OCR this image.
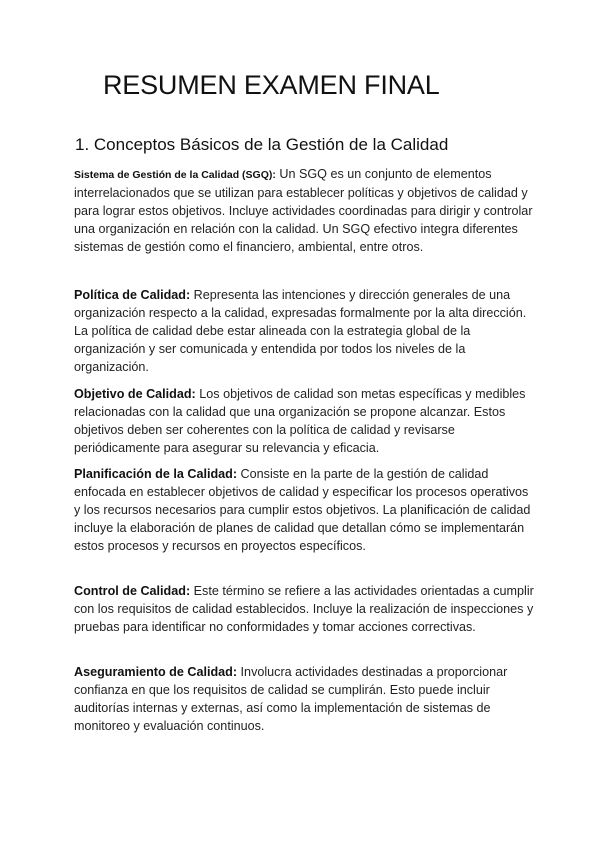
RESUMEN EXAMEN FINAL
1. Conceptos Básicos de la Gestión de la Calidad

Sistema de Gestión de la Calidad (SGQ): Un SGQ es un conjunto de elementos interrelacionados que se utilizan para establecer políticas y objetivos de calidad y para lograr estos objetivos. Incluye actividades coordinadas para dirigir y controlar una organización en relación con la calidad. Un SGQ efectivo integra diferentes sistemas de gestión como el financiero, ambiental, entre otros.

Política de Calidad: Representa las intenciones y dirección generales de una organización respecto a la calidad, expresadas formalmente por la alta dirección. La política de calidad debe estar alineada con la estrategia global de la organización y ser comunicada y entendida por todos los niveles de la organización.

Objetivo de Calidad: Los objetivos de calidad son metas específicas y medibles relacionadas con la calidad que una organización se propone alcanzar. Estos objetivos deben ser coherentes con la política de calidad y revisarse periódicamente para asegurar su relevancia y eficacia.

Planificación de la Calidad: Consiste en la parte de la gestión de calidad enfocada en establecer objetivos de calidad y especificar los procesos operativos y los recursos necesarios para cumplir estos objetivos. La planificación de calidad incluye la elaboración de planes de calidad que detallan cómo se implementarán estos procesos y recursos en proyectos específicos.

Control de Calidad: Este término se refiere a las actividades orientadas a cumplir con los requisitos de calidad establecidos. Incluye la realización de inspecciones y pruebas para identificar no conformidades y tomar acciones correctivas.

Aseguramiento de Calidad: Involucra actividades destinadas a proporcionar confianza en que los requisitos de calidad se cumplirán. Esto puede incluir auditorías internas y externas, así como la implementación de sistemas de monitoreo y evaluación continuos.
